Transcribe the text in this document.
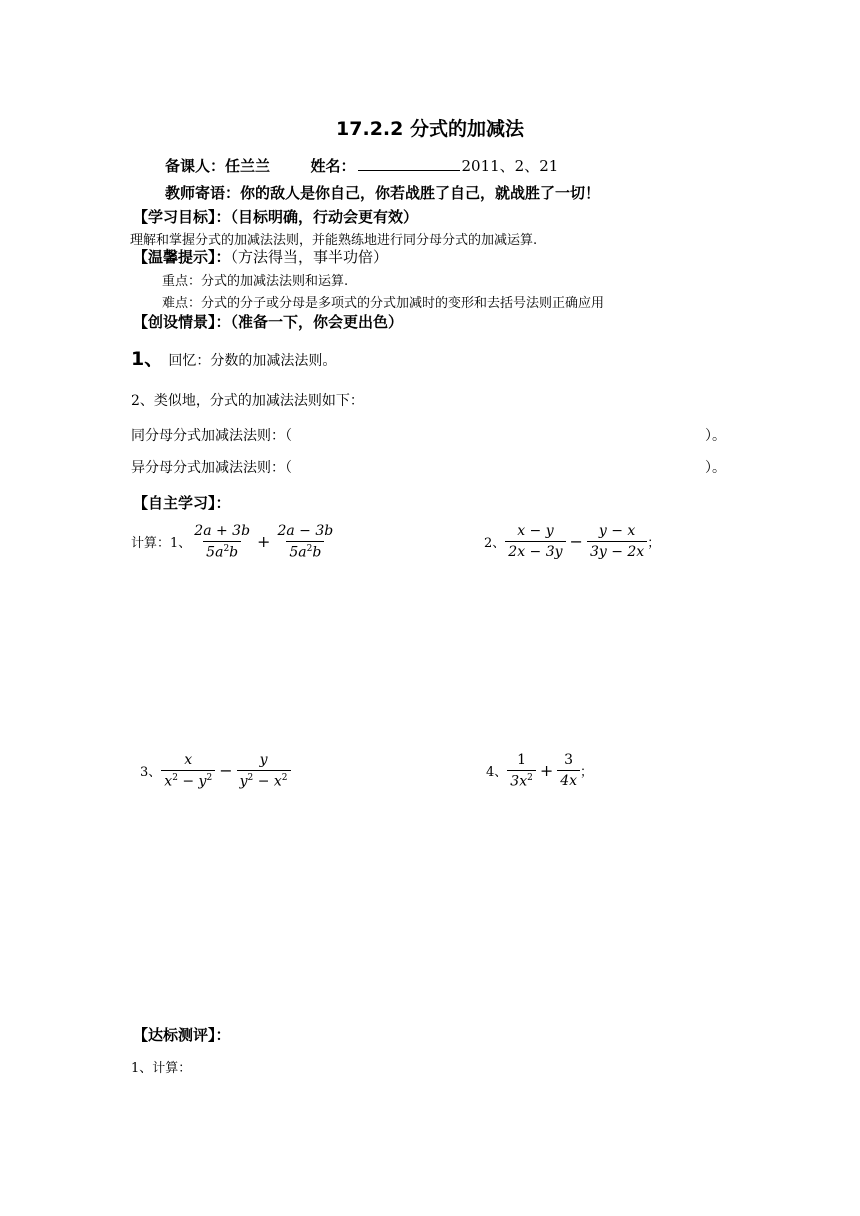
17.2.2 分式的加减法
备课人：任兰兰	姓名：	2011、2、21
教师寄语：你的敌人是你自己，你若战胜了自己，就战胜了一切！
【学习目标】：（目标明确，行动会更有效）
理解和掌握分式的加减法法则，并能熟练地进行同分母分式的加减运算.
【温馨提示】：（方法得当，事半功倍）
重点：分式的加减法法则和运算.
难点：分式的分子或分母是多项式的分式加减时的变形和去括号法则正确应用
【创设情景】：（准备一下，你会更出色）
1、 回忆：分数的加减法法则。
2、类似地，分式的加减法法则如下：
同分母分式加减法法则：（	）。
异分母分式加减法法则：（	）。
【自主学习】：
计算：1、 $\frac{2a + 3b}{5a^2b} + \frac{2a - 3b}{5a^2b}$	2、 $\frac{x - y}{2x - 3y} - \frac{y - x}{3y - 2x}$ ；
3、 $\frac{x}{x^2 - y^2} - \frac{y}{y^2 - x^2}$	4、 $\frac{1}{3x^2} + \frac{3}{4x}$ ；
【达标测评】：
1、计算：
